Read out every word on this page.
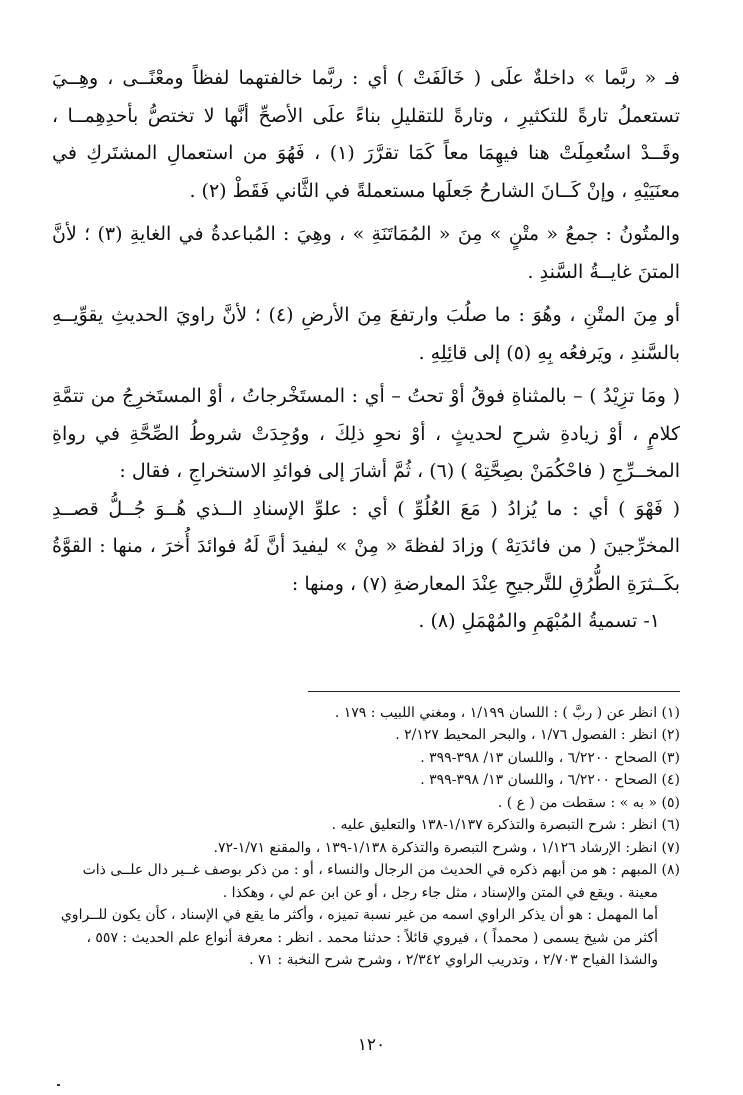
فـ « ربَّما » داخلةٌ علَى ( خَالَفَتْ ) أي : ربَّما خالفتهما لفظاً ومعْنًــى ، وهِــيَ تستعملُ تارةً للتكثيرِ ، وتارةً للتقليلِ بناءً علَى الأصحِّ أنَّها لا تختصُّ بأحدِهِمــا ، وقَــدْ استُعمِلَتْ هنا فيهِمَا معاً كَمَا تقرَّرَ (١) ، فَهُوَ من استعمالِ المشتَركِ في معنَيَيْهِ ، وإنْ كَــانَ الشارحُ جَعلَها مستعملةً في الثَّاني فَقَطْ (٢) .

والمتُونُ : جمعُ « متْنٍ » مِنَ « المُمَاتَنَةِ » ، وهِيَ : المُباعدةُ في الغايةِ (٣) ؛ لأنَّ المتنَ غايــةُ السَّندِ .

أو مِنَ المتْنِ ، وهُوَ : ما صلُبَ وارتفعَ مِنَ الأرضِ (٤) ؛ لأنَّ راويَ الحديثِ يقوِّيــهِ بالسَّندِ ، ويَرفعُه بِهِ (٥) إلى قائِلِهِ .

( ومَا تزِيْدُ ) – بالمثناةِ فوقُ أوْ تحتُ – أي : المستَخْرجاتُ ، أوْ المستَخرِجُ من تتمَّةِ كلامٍ ، أوْ زيادةِ شرحِ لحديثٍ ، أوْ نحوِ ذلِكَ ، ووُجِدَتْ شروطُ الصِّحَّةِ في رواةِ المخــرِّجِ ( فاحْكُمَنْ بصِحَّتِهْ ) (٦) ، ثُمَّ أشارَ إلى فوائدِ الاستخراجِ ، فقال :

( فَهْوَ ) أي : ما يُزادُ ( مَعَ العُلُوِّ ) أي : علوِّ الإسنادِ الــذي هُــوَ جُــلُّ قصــدِ المخرِّجينَ ( من فائدَتِهْ ) وزادَ لفظةَ « مِنْ » ليفيدَ أنَّ لَهُ فوائدَ أُخرَ ، منها : القوَّةُ بكَــثرَةِ الطُّرُقِ للتَّرجيحِ عِنْدَ المعارضةِ (٧) ، ومنها :

١- تسميةُ المُبْهَمِ والمُهْمَلِ (٨) .

(١) انظر عن ( ربَّ ) : اللسان ١/١٩٩ ، ومغني اللبيب : ١٧٩ .

(٢) انظر : الفصول ١/٧٦ ، والبحر المحيط ٢/١٢٧ .

(٣) الصحاح ٦/٢٢٠٠ ، واللسان ١٣/ ٣٩٨-٣٩٩ .

(٤) الصحاح ٦/٢٢٠٠ ، واللسان ١٣/ ٣٩٨-٣٩٩ .

(٥) « به » : سقطت من ( ع ) .

(٦) انظر : شرح التبصرة والتذكرة ١/١٣٧-١٣٨ والتعليق عليه .

(٧) انظر: الإرشاد ١/١٢٦ ، وشرح التبصرة والتذكرة ١/١٣٨-١٣٩ ، والمقنع ١/٧١-٧٢.

(٨) المبهم : هو من أبهم ذكره في الحديث من الرجال والنساء ، أو : من ذكر بوصف غــير دال علــى ذات

معينة . ويقع في المتن والإسناد ، مثل جاء رجل ، أو عن ابن عم لي ، وهكذا .

أما المهمل : هو أن يذكر الراوي اسمه من غير نسبة تميزه ، وأكثر ما يقع في الإسناد ، كأن يكون للــراوي أكثر من شيخ يسمى ( محمداً ) ، فيروي قائلاً : حدثنا محمد . انظر : معرفة أنواع علم الحديث : ٥٥٧ ، والشذا الفياح ٢/٧٠٣ ، وتدريب الراوي ٢/٣٤٢ ، وشرح شرح النخبة : ٧١ .

١٢٠
